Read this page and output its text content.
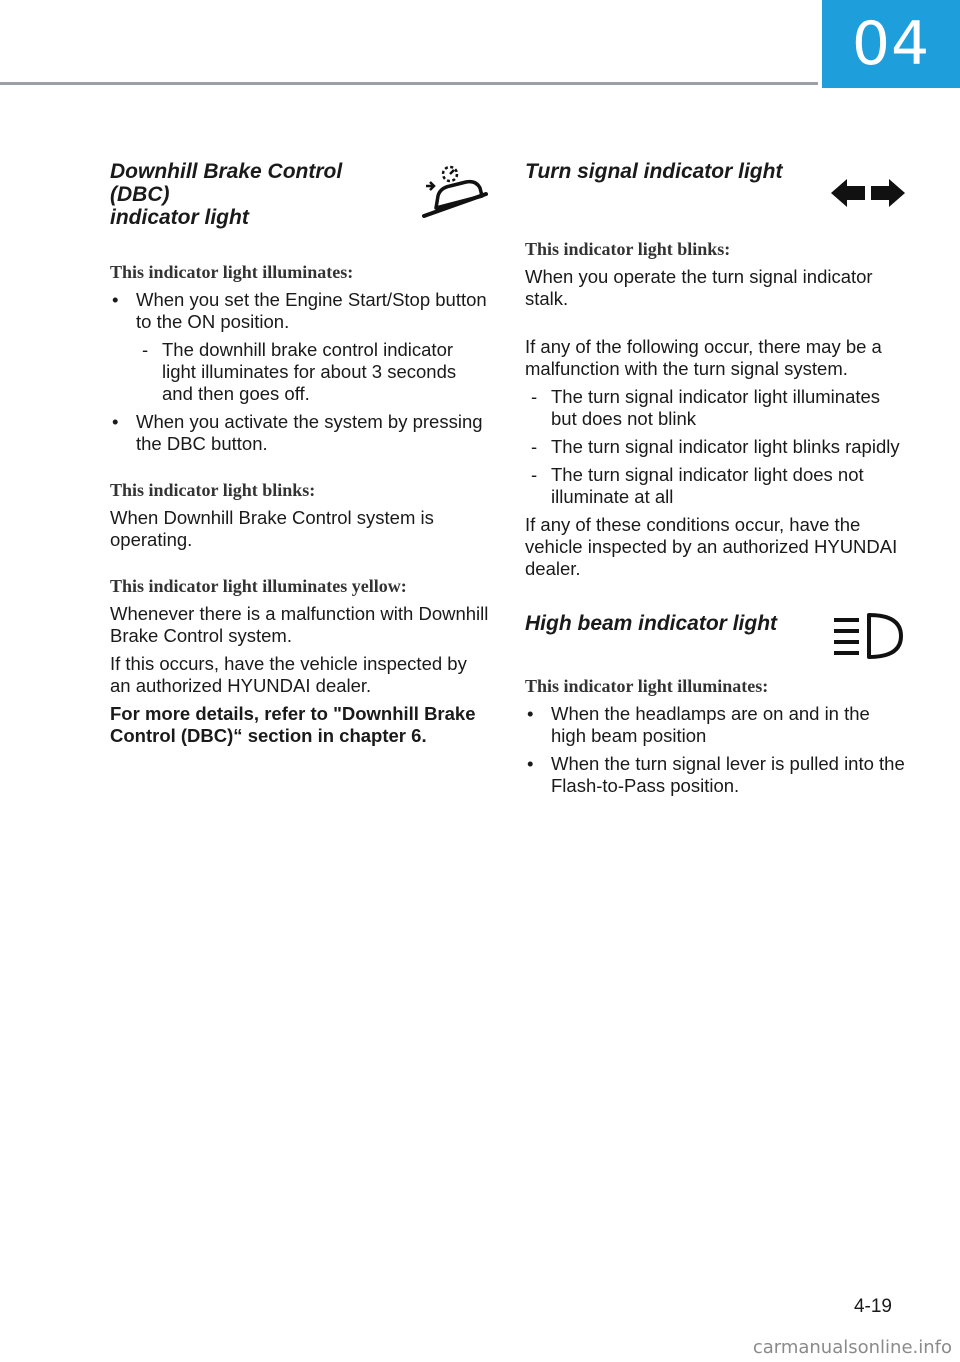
04
Downhill Brake Control (DBC)
indicator light

This indicator light illuminates:

• When you set the Engine Start/Stop button to the ON position.
- The downhill brake control indicator light illuminates for about 3 seconds and then goes off.
• When you activate the system by pressing the DBC button.

This indicator light blinks:

When Downhill Brake Control system is operating.

This indicator light illuminates yellow:

Whenever there is a malfunction with Downhill Brake Control system.

If this occurs, have the vehicle inspected by an authorized HYUNDAI dealer.

For more details, refer to "Downhill Brake Control (DBC)“ section in chapter 6.

Turn signal indicator light

This indicator light blinks:

When you operate the turn signal indicator stalk.

If any of the following occur, there may be a malfunction with the turn signal system.

- The turn signal indicator light illuminates but does not blink
- The turn signal indicator light blinks rapidly
- The turn signal indicator light does not illuminate at all

If any of these conditions occur, have the vehicle inspected by an authorized HYUNDAI dealer.

High beam indicator light

This indicator light illuminates:

• When the headlamps are on and in the high beam position
• When the turn signal lever is pulled into the Flash-to-Pass position.
4-19
carmanualsonline.info
